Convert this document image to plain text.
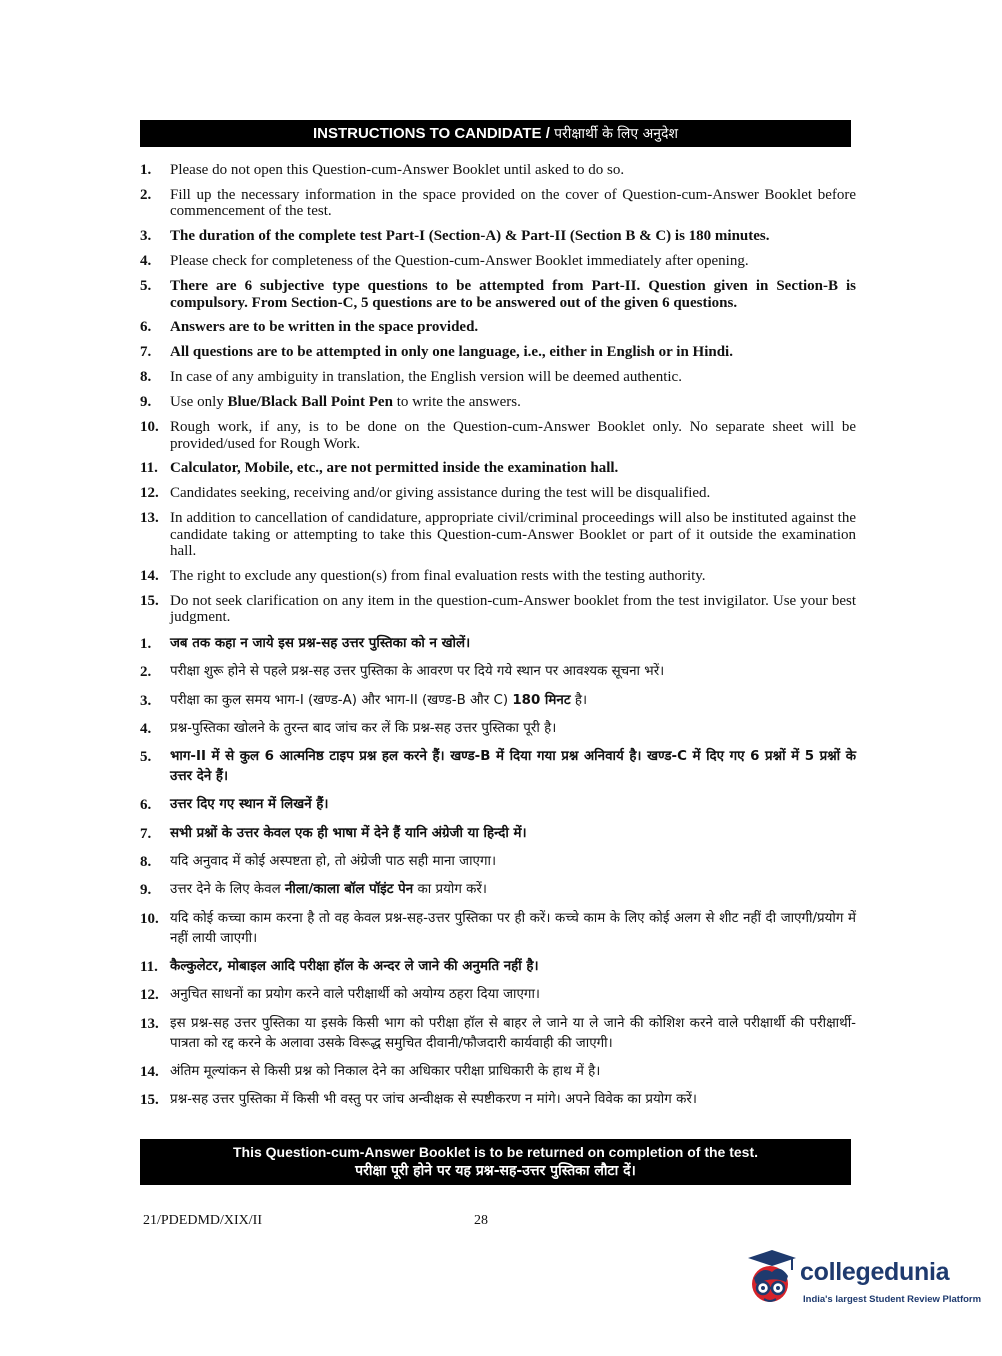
INSTRUCTIONS TO CANDIDATE / परीक्षार्थी के लिए अनुदेश
1. Please do not open this Question-cum-Answer Booklet until asked to do so.
2. Fill up the necessary information in the space provided on the cover of Question-cum-Answer Booklet before commencement of the test.
3. The duration of the complete test Part-I (Section-A) & Part-II (Section B & C) is 180 minutes.
4. Please check for completeness of the Question-cum-Answer Booklet immediately after opening.
5. There are 6 subjective type questions to be attempted from Part-II. Question given in Section-B is compulsory. From Section-C, 5 questions are to be answered out of the given 6 questions.
6. Answers are to be written in the space provided.
7. All questions are to be attempted in only one language, i.e., either in English or in Hindi.
8. In case of any ambiguity in translation, the English version will be deemed authentic.
9. Use only Blue/Black Ball Point Pen to write the answers.
10. Rough work, if any, is to be done on the Question-cum-Answer Booklet only. No separate sheet will be provided/used for Rough Work.
11. Calculator, Mobile, etc., are not permitted inside the examination hall.
12. Candidates seeking, receiving and/or giving assistance during the test will be disqualified.
13. In addition to cancellation of candidature, appropriate civil/criminal proceedings will also be instituted against the candidate taking or attempting to take this Question-cum-Answer Booklet or part of it outside the examination hall.
14. The right to exclude any question(s) from final evaluation rests with the testing authority.
15. Do not seek clarification on any item in the question-cum-Answer booklet from the test invigilator. Use your best judgment.
1. जब तक कहा न जाये इस प्रश्न-सह उत्तर पुस्तिका को न खोलें।
2. परीक्षा शुरू होने से पहले प्रश्न-सह उत्तर पुस्तिका के आवरण पर दिये गये स्थान पर आवश्यक सूचना भरें।
3. परीक्षा का कुल समय भाग-I (खण्ड-A) और भाग-II (खण्ड-B और C) 180 मिनट है।
4. प्रश्न-पुस्तिका खोलने के तुरन्त बाद जांच कर लें कि प्रश्न-सह उत्तर पुस्तिका पूरी है।
5. भाग-II में से कुल 6 आत्मनिष्ठ टाइप प्रश्न हल करने हैं। खण्ड-B में दिया गया प्रश्न अनिवार्य है। खण्ड-C में दिए गए 6 प्रश्नों में 5 प्रश्नों के उत्तर देने हैं।
6. उत्तर दिए गए स्थान में लिखनें हैं।
7. सभी प्रश्नों के उत्तर केवल एक ही भाषा में देने हैं यानि अंग्रेजी या हिन्दी में।
8. यदि अनुवाद में कोई अस्पष्टता हो, तो अंग्रेजी पाठ सही माना जाएगा।
9. उत्तर देने के लिए केवल नीला/काला बॉल पॉइंट पेन का प्रयोग करें।
10. यदि कोई कच्चा काम करना है तो वह केवल प्रश्न-सह-उत्तर पुस्तिका पर ही करें। कच्चे काम के लिए कोई अलग से शीट नहीं दी जाएगी/प्रयोग में नहीं लायी जाएगी।
11. कैल्कुलेटर, मोबाइल आदि परीक्षा हॉल के अन्दर ले जाने की अनुमति नहीं है।
12. अनुचित साधनों का प्रयोग करने वाले परीक्षार्थी को अयोग्य ठहरा दिया जाएगा।
13. इस प्रश्न-सह उत्तर पुस्तिका या इसके किसी भाग को परीक्षा हॉल से बाहर ले जाने या ले जाने की कोशिश करने वाले परीक्षार्थी की परीक्षार्थी-पात्रता को रद्द करने के अलावा उसके विरूद्ध समुचित दीवानी/फौजदारी कार्यवाही की जाएगी।
14. अंतिम मूल्यांकन से किसी प्रश्न को निकाल देने का अधिकार परीक्षा प्राधिकारी के हाथ में है।
15. प्रश्न-सह उत्तर पुस्तिका में किसी भी वस्तु पर जांच अन्वीक्षक से स्पष्टीकरण न मांगे। अपने विवेक का प्रयोग करें।
This Question-cum-Answer Booklet is to be returned on completion of the test.
परीक्षा पूरी होने पर यह प्रश्न-सह-उत्तर पुस्तिका लौटा दें।
21/PDEDMD/XIX/II	28
collegedunia
India's largest Student Review Platform
